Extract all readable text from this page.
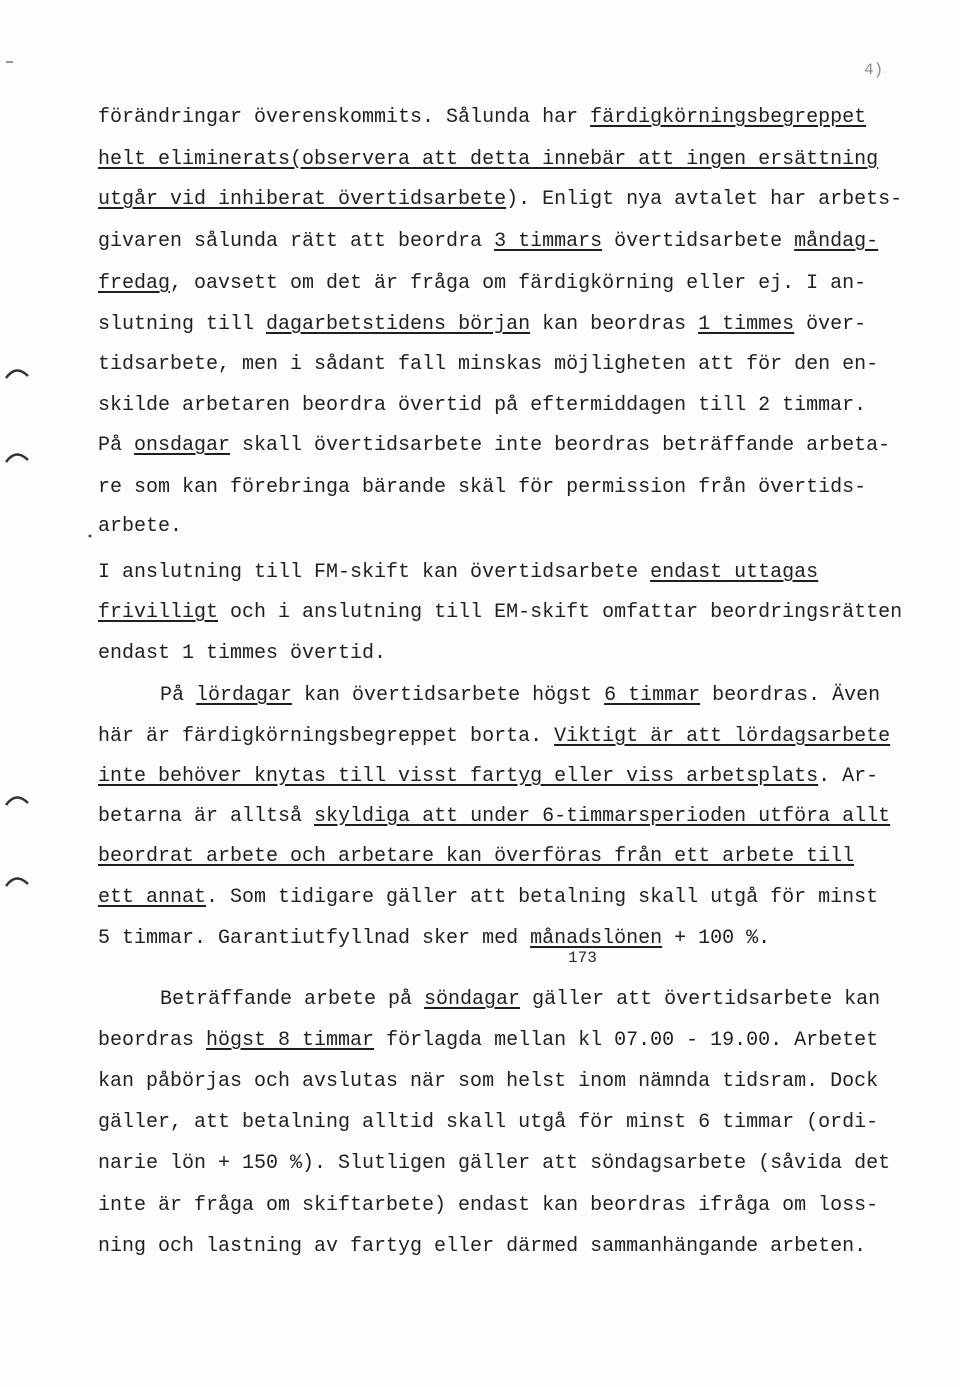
4)
förändringar överenskommits. Sålunda har färdigkörningsbegreppet
helt eliminerats(observera att detta innebär att ingen ersättning
utgår vid inhiberat övertidsarbete). Enligt nya avtalet har arbets-
givaren sålunda rätt att beordra 3 timmars övertidsarbete måndag-
fredag, oavsett om det är fråga om färdigkörning eller ej. I an-
slutning till dagarbetstidens början kan beordras 1 timmes över-
tidsarbete, men i sådant fall minskas möjligheten att för den en-
skilde arbetaren beordra övertid på eftermiddagen till 2 timmar.
På onsdagar skall övertidsarbete inte beordras beträffande arbeta-
re som kan förebringa bärande skäl för permission från övertids-
arbete.
I anslutning till FM-skift kan övertidsarbete endast uttagas
frivilligt och i anslutning till EM-skift omfattar beordringsrätten
endast 1 timmes övertid.
På lördagar kan övertidsarbete högst 6 timmar beordras. Även
här är färdigkörningsbegreppet borta. Viktigt är att lördagsarbete
inte behöver knytas till visst fartyg eller viss arbetsplats. Ar-
betarna är alltså skyldiga att under 6-timmarsperioden utföra allt
beordrat arbete och arbetare kan överföras från ett arbete till
ett annat. Som tidigare gäller att betalning skall utgå för minst
5 timmar. Garantiutfyllnad sker med månadslönen + 100 %.
Beträffande arbete på söndagar gäller att övertidsarbete kan
beordras högst 8 timmar förlagda mellan kl 07.00 - 19.00. Arbetet
kan påbörjas och avslutas när som helst inom nämnda tidsram. Dock
gäller, att betalning alltid skall utgå för minst 6 timmar (ordi-
narie lön + 150 %). Slutligen gäller att söndagsarbete (såvida det
inte är fråga om skiftarbete) endast kan beordras ifråga om loss-
ning och lastning av fartyg eller därmed sammanhängande arbeten.
173
